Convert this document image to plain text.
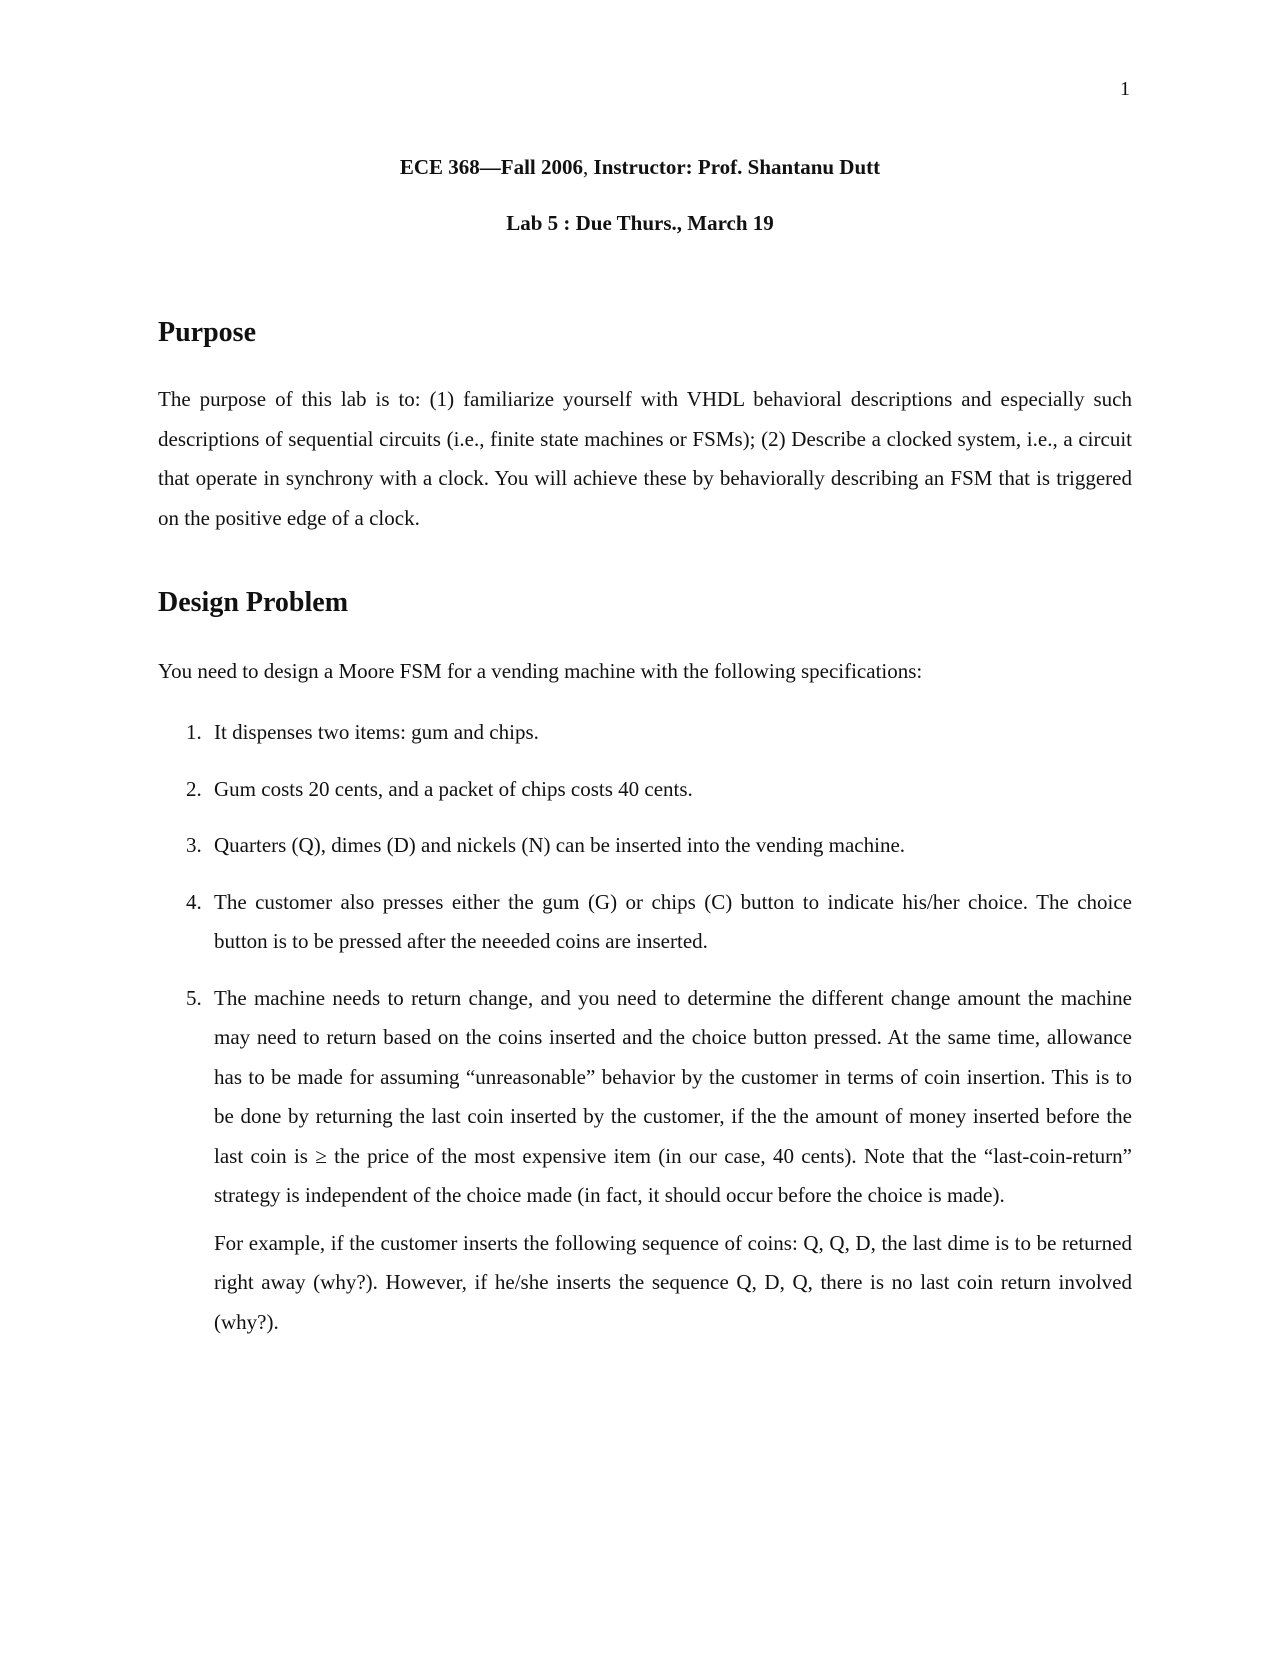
1
ECE 368—Fall 2006, Instructor: Prof. Shantanu Dutt
Lab 5 : Due Thurs., March 19
Purpose

The purpose of this lab is to: (1) familiarize yourself with VHDL behavioral descriptions and especially such descriptions of sequential circuits (i.e., finite state machines or FSMs); (2) Describe a clocked system, i.e., a circuit that operate in synchrony with a clock. You will achieve these by behaviorally describing an FSM that is triggered on the positive edge of a clock.

Design Problem

You need to design a Moore FSM for a vending machine with the following specifications:

1. It dispenses two items: gum and chips.
2. Gum costs 20 cents, and a packet of chips costs 40 cents.
3. Quarters (Q), dimes (D) and nickels (N) can be inserted into the vending machine.
4. The customer also presses either the gum (G) or chips (C) button to indicate his/her choice. The choice button is to be pressed after the neeeded coins are inserted.
5. The machine needs to return change, and you need to determine the different change amount the machine may need to return based on the coins inserted and the choice button pressed. At the same time, allowance has to be made for assuming “unreasonable” behavior by the customer in terms of coin insertion. This is to be done by returning the last coin inserted by the customer, if the the amount of money inserted before the last coin is ≥ the price of the most expensive item (in our case, 40 cents). Note that the “last-coin-return” strategy is independent of the choice made (in fact, it should occur before the choice is made).
For example, if the customer inserts the following sequence of coins: Q, Q, D, the last dime is to be returned right away (why?). However, if he/she inserts the sequence Q, D, Q, there is no last coin return involved (why?).
